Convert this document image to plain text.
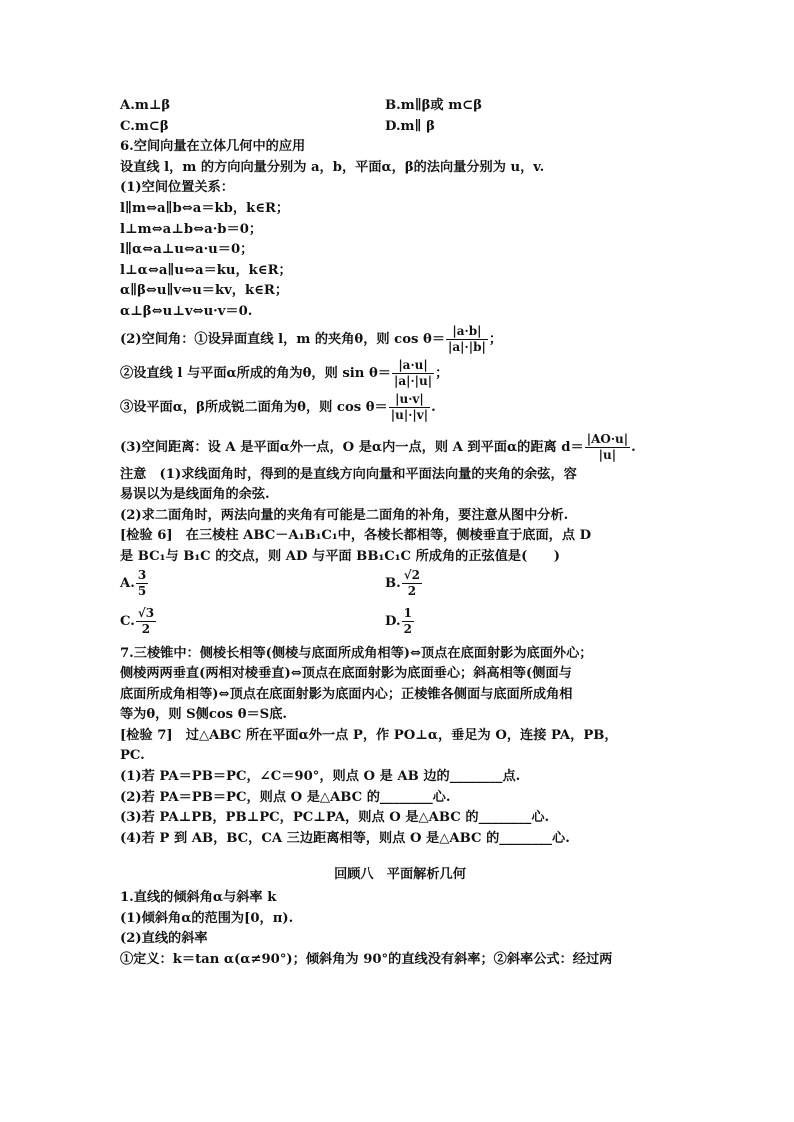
A.m⊥β	B.m∥β或 m⊂β
C.m⊂β	D.m∥ β
6.空间向量在立体几何中的应用
设直线 l，m 的方向向量分别为 a，b，平面α，β的法向量分别为 u，v.
(1)空间位置关系：
l∥m⇔a∥b⇔a＝kb，k∈R；
l⊥m⇔a⊥b⇔a·b＝0；
l∥α⇔a⊥u⇔a·u＝0；
l⊥α⇔a∥u⇔a＝ku，k∈R；
α∥β⇔u∥v⇔u＝kv，k∈R；
α⊥β⇔u⊥v⇔u·v＝0.
(2)空间角：①设异面直线 l，m 的夹角θ，则 $\cos \theta= \frac{|a\cdot b|}{|a|\cdot|b|}$ ；
②设直线 l 与平面α所成的角为θ，则 $\sin \theta= \frac{|a\cdot u|}{|a|\cdot|u|}$ ；
③设平面α，β所成锐二面角为θ，则 $\cos \theta= \frac{|u\cdot v|}{|u|\cdot|v|}$ .
(3)空间距离：设 A 是平面α外一点，O 是α内一点，则 A 到平面α的距离 $d= \frac{|AO\cdot u|}{|u|}$ .
注意　(1)求线面角时，得到的是直线方向向量和平面法向量的夹角的余弦，容
易误以为是线面角的余弦.
(2)求二面角时，两法向量的夹角有可能是二面角的补角，要注意从图中分析.
[检验 6]　在三棱柱 ABC－A₁B₁C₁中，各棱长都相等，侧棱垂直于底面，点 D
是 BC₁与 B₁C 的交点，则 AD 与平面 BB₁C₁C 所成角的正弦值是(　　)
A. $\frac{3}{5}$	B. $\frac{√2}{2}$
C. $\frac{√3}{2}$	D. $\frac{1}{2}$
7.三棱锥中：侧棱长相等(侧棱与底面所成角相等)⇔顶点在底面射影为底面外心；
侧棱两两垂直(两相对棱垂直)⇔顶点在底面射影为底面垂心；斜高相等(侧面与
底面所成角相等)⇔顶点在底面射影为底面内心；正棱锥各侧面与底面所成角相
等为θ，则 S侧cos θ＝S底.
[检验 7]　过△ABC 所在平面α外一点 P，作 PO⊥α，垂足为 O，连接 PA，PB，
PC.
(1)若 PA＝PB＝PC，∠C＝90°，则点 O 是 AB 边的________点.
(2)若 PA＝PB＝PC，则点 O 是△ABC 的________心.
(3)若 PA⊥PB，PB⊥PC，PC⊥PA，则点 O 是△ABC 的________心.
(4)若 P 到 AB，BC，CA 三边距离相等，则点 O 是△ABC 的________心.
回顾八　平面解析几何
1.直线的倾斜角α与斜率 k
(1)倾斜角α的范围为[0，π).
(2)直线的斜率
①定义：k＝tan α(α≠90°)；倾斜角为 90°的直线没有斜率；②斜率公式：经过两
